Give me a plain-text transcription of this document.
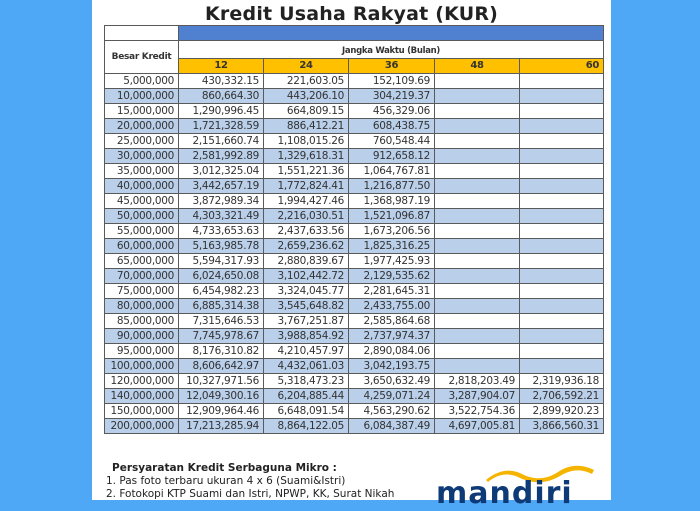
Kredit Usaha Rakyat (KUR)

Besar Kredit	Jangka Waktu (Bulan)				
	12	24	36	48	60
5,000,000	430,332.15	221,603.05	152,109.69		
10,000,000	860,664.30	443,206.10	304,219.37		
15,000,000	1,290,996.45	664,809.15	456,329.06		
20,000,000	1,721,328.59	886,412.21	608,438.75		
25,000,000	2,151,660.74	1,108,015.26	760,548.44		
30,000,000	2,581,992.89	1,329,618.31	912,658.12		
35,000,000	3,012,325.04	1,551,221.36	1,064,767.81		
40,000,000	3,442,657.19	1,772,824.41	1,216,877.50		
45,000,000	3,872,989.34	1,994,427.46	1,368,987.19		
50,000,000	4,303,321.49	2,216,030.51	1,521,096.87		
55,000,000	4,733,653.63	2,437,633.56	1,673,206.56		
60,000,000	5,163,985.78	2,659,236.62	1,825,316.25		
65,000,000	5,594,317.93	2,880,839.67	1,977,425.93		
70,000,000	6,024,650.08	3,102,442.72	2,129,535.62		
75,000,000	6,454,982.23	3,324,045.77	2,281,645.31		
80,000,000	6,885,314.38	3,545,648.82	2,433,755.00		
85,000,000	7,315,646.53	3,767,251.87	2,585,864.68		
90,000,000	7,745,978.67	3,988,854.92	2,737,974.37		
95,000,000	8,176,310.82	4,210,457.97	2,890,084.06		
100,000,000	8,606,642.97	4,432,061.03	3,042,193.75		
120,000,000	10,327,971.56	5,318,473.23	3,650,632.49	2,818,203.49	2,319,936.18
140,000,000	12,049,300.16	6,204,885.44	4,259,071.24	3,287,904.07	2,706,592.21
150,000,000	12,909,964.46	6,648,091.54	4,563,290.62	3,522,754.36	2,899,920.23
200,000,000	17,213,285.94	8,864,122.05	6,084,387.49	4,697,005.81	3,866,560.31
Persyaratan Kredit Serbaguna Mikro :
1. Pas foto terbaru ukuran 4 x 6 (Suami&Istri)
2. Fotokopi KTP Suami dan Istri, NPWP, KK, Surat Nikah	mandiri
